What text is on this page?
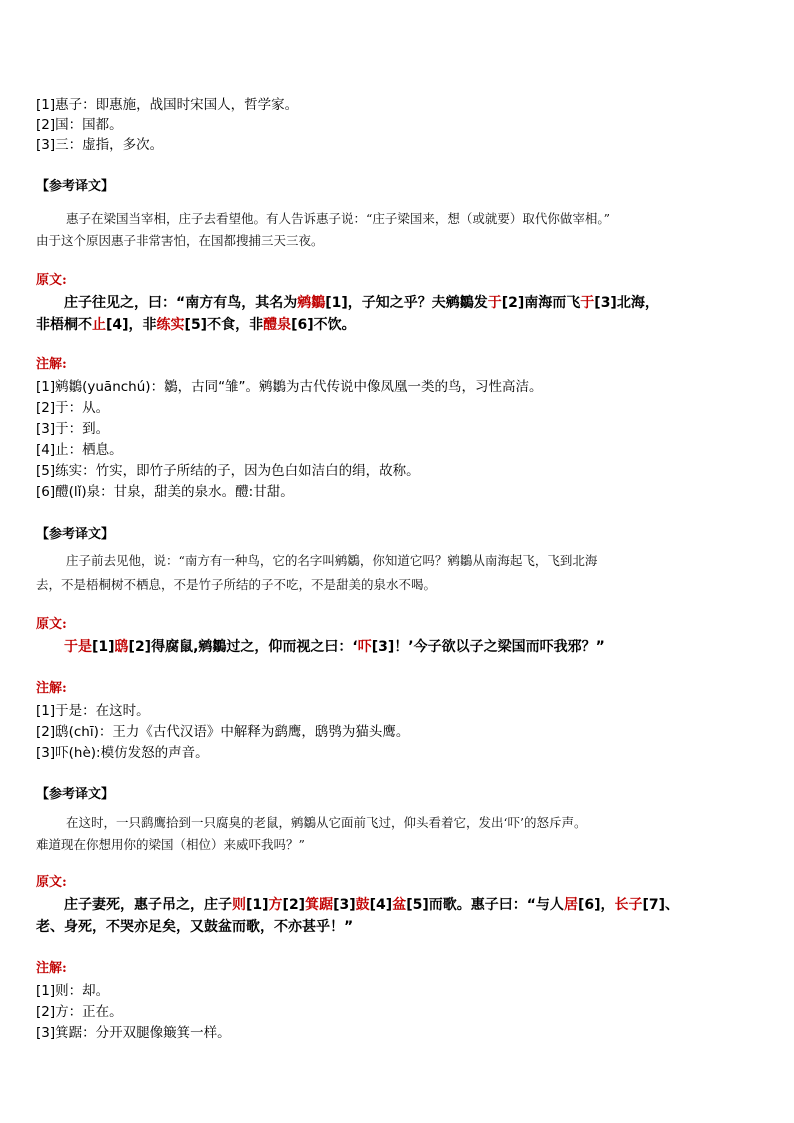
[1]惠子：即惠施，战国时宋国人，哲学家。
[2]国：国都。
[3]三：虚指，多次。
【参考译文】
惠子在梁国当宰相，庄子去看望他。有人告诉惠子说：“庄子梁国来，想（或就要）取代你做宰相。”
由于这个原因惠子非常害怕，在国都搜捕三天三夜。
原文:
庄子往见之，曰：“南方有鸟，其名为鹓鶵[1]，子知之乎？夫鹓鶵发于[2]南海而飞于[3]北海，
非梧桐不止[4]，非练实[5]不食，非醴泉[6]不饮。
注解:
[1]鹓鶵(yuānchú)：鶵，古同“雏”。鹓鶵为古代传说中像凤凰一类的鸟，习性高洁。
[2]于：从。
[3]于：到。
[4]止：栖息。
[5]练实：竹实，即竹子所结的子，因为色白如洁白的绢，故称。
[6]醴(lǐ)泉：甘泉，甜美的泉水。醴:甘甜。
【参考译文】
庄子前去见他，说：“南方有一种鸟，它的名字叫鹓鶵，你知道它吗？鹓鶵从南海起飞，飞到北海
去，不是梧桐树不栖息，不是竹子所结的子不吃，不是甜美的泉水不喝。
原文:
于是[1]鸱[2]得腐鼠,鹓鶵过之，仰而视之曰：‘吓[3]！’今子欲以子之梁国而吓我邪？”
注解:
[1]于是：在这时。
[2]鸱(chī)：王力《古代汉语》中解释为鹞鹰，鸱鸮为猫头鹰。
[3]吓(hè):模仿发怒的声音。
【参考译文】
在这时，一只鹞鹰拾到一只腐臭的老鼠，鹓鶵从它面前飞过，仰头看着它，发出‘吓’的怒斥声。
难道现在你想用你的梁国（相位）来威吓我吗？”
原文:
庄子妻死，惠子吊之，庄子则[1]方[2]箕踞[3]鼓[4]盆[5]而歌。惠子曰：“与人居[6]，长子[7]、
老、身死，不哭亦足矣，又鼓盆而歌，不亦甚乎！”
注解:
[1]则：却。
[2]方：正在。
[3]箕踞：分开双腿像簸箕一样。
